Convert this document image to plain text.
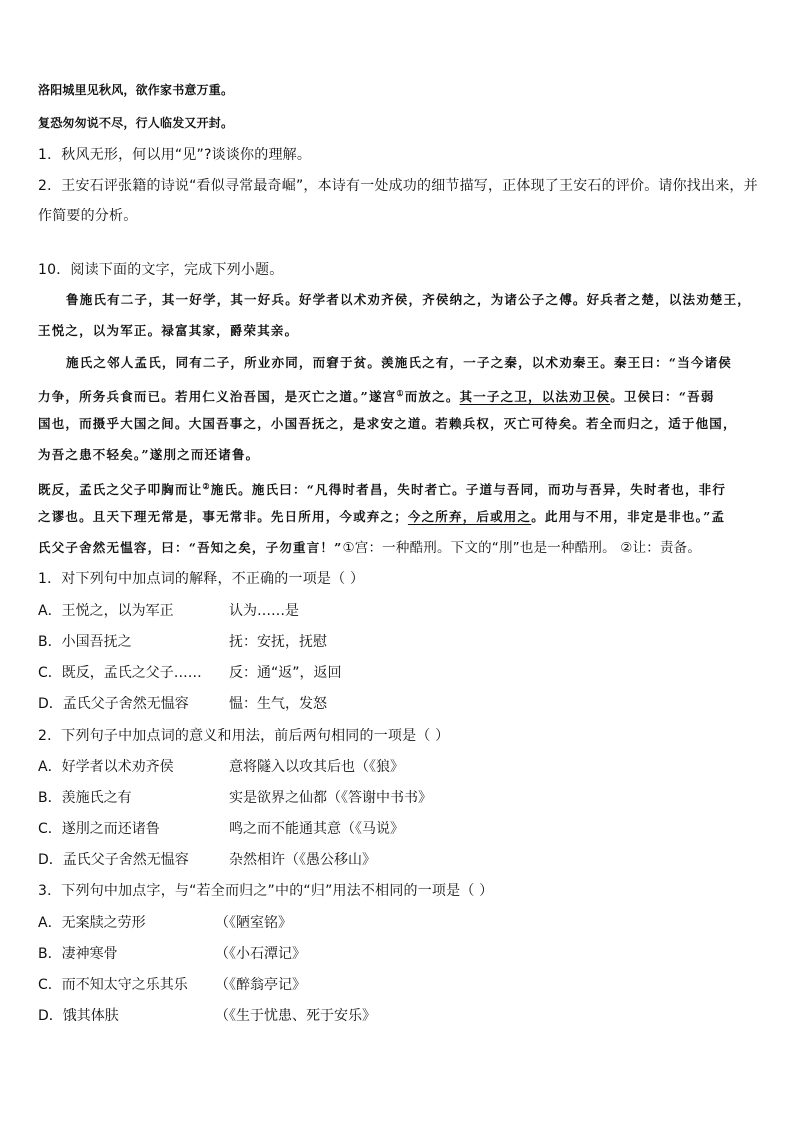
洛阳城里见秋风，欲作家书意万重。
复恐匆匆说不尽，行人临发又开封。
1．秋风无形，何以用“见”?谈谈你的理解。
2．王安石评张籍的诗说“看似寻常最奇崛”，本诗有一处成功的细节描写，正体现了王安石的评价。请你找出来，并
作简要的分析。
10．阅读下面的文字，完成下列小题。
鲁施氏有二子，其一好学，其一好兵。好学者以术劝齐侯，齐侯纳之，为诸公子之傅。好兵者之楚，以法劝楚王，
王悦之，以为军正。禄富其家，爵荣其亲。
施氏之邻人孟氏，同有二子，所业亦同，而窘于贫。羡施氏之有，一子之秦，以术劝秦王。秦王曰：“当今诸侯
力争，所务兵食而已。若用仁义治吾国，是灭亡之道。”遂宫①而放之。其一子之卫，以法劝卫侯。卫侯曰：“吾弱
国也，而摄乎大国之间。大国吾事之，小国吾抚之，是求安之道。若赖兵权，灭亡可待矣。若全而归之，适于他国，
为吾之患不轻矣。”遂刖之而还诸鲁。
既反，孟氏之父子叩胸而让②施氏。施氏曰：“凡得时者昌，失时者亡。子道与吾同，而功与吾异，失时者也，非行
之谬也。且天下理无常是，事无常非。先日所用，今或弃之；今之所弃，后或用之。此用与不用，非定是非也。”孟
氏父子舍然无愠容，曰：“吾知之矣，子勿重言！”①宫：一种酷刑。下文的“刖”也是一种酷刑。 ②让：责备。
1．对下列句中加点词的解释，不正确的一项是（ ）
A．王悦之，以为军正	认为……是
B．小国吾抚之	抚：安抚，抚慰
C．既反，孟氏之父子…… 反：通“返”，返回
D．孟氏父子舍然无愠容	愠：生气，发怒
2．下列句子中加点词的意义和用法，前后两句相同的一项是（ ）
A．好学者以术劝齐侯	意将隧入以攻其后也（《狼》
B．羡施氏之有	实是欲界之仙都（《答谢中书书》
C．遂刖之而还诸鲁	鸣之而不能通其意（《马说》
D．孟氏父子舍然无愠容	杂然相许（《愚公移山》
3．下列句中加点字，与“若全而归之”中的“归”用法不相同的一项是（ ）
A．无案牍之劳形	（《陋室铭》
B．凄神寒骨	（《小石潭记》
C．而不知太守之乐其乐 （《醉翁亭记》
D．饿其体肤	（《生于忧患、死于安乐》
